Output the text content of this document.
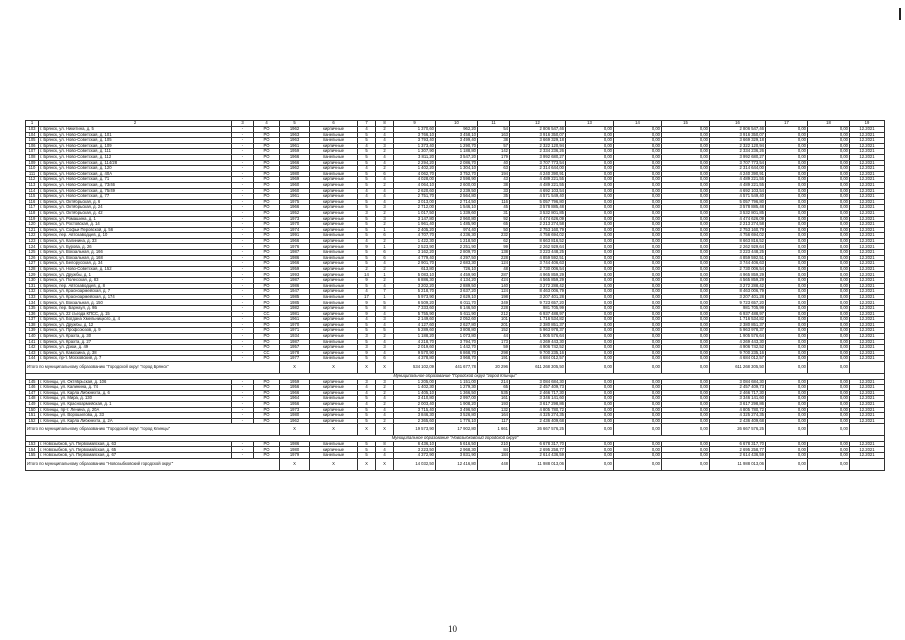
1	2	3	4	5	6	7	8	9	10	11	12	13	14	15	16	17	18	19
103	г. Брянск, ул. Никитина, д. 5	-	РО	1962	кирпичные	4	2	1 370,60	962,20	54	2 806 547,46	0,00	0,00	0,00	2 806 547,46	0,00	0,00	12.2021
104	г. Брянск, ул. Ново-Советская, д. 101	-	РО	1963	панельные	5	4	3 766,10	3 458,10	163	3 916 350,07	0,00	0,00	0,00	3 916 350,07	0,00	0,00	12.2021
105	г. Брянск, ул. Ново-Советская, д. 105	-	РО	1963	панельные	5	4	3 793,40	3 499,40	38	3 669 329,18	0,00	0,00	0,00	3 669 329,18	0,00	0,00	12.2021
106	г. Брянск, ул. Ново-Советская, д. 109	-	РО	1961	кирпичные	4	3	1 373,40	1 290,70	57	2 322 120,94	0,00	0,00	0,00	2 322 120,94	0,00	0,00	12.2021
107	г. Брянск, ул. Ново-Советская, д. 111	-	РО	1959	кирпичные	5	2	1 307,90	1 188,80	142	2 334 236,26	0,00	0,00	0,00	2 334 236,26	0,00	0,00	12.2021
108	г. Брянск, ул. Ново-Советская, д. 112	-	РО	1966	панельные	5	4	3 811,20	3 547,20	179	3 992 680,27	0,00	0,00	0,00	3 992 680,27	0,00	0,00	12.2021
109	г. Брянск, ул. Ново-Советская, д. 114/28	-	РО	1966	кирпичные	5	4	2 294,20	2 086,70	40	3 707 773,54	0,00	0,00	0,00	3 707 773,54	0,00	0,00	12.2021
110	г. Брянск, ул. Ново-Советская, д. 120	-	РО	1962	кирпичные	4	2	1 402,20	1 304,10	63	2 314 644,00	0,00	0,00	0,00	2 314 644,00	0,00	0,00	12.2021
111	г. Брянск, ул. Ново-Советская, д. 40А	-	РО	1980	панельные	5	6	4 062,70	3 752,70	194	4 240 390,91	0,00	0,00	0,00	4 240 390,91	0,00	0,00	12.2021
112	г. Брянск, ул. Ново-Советская, д. 71	-	РО	1969	кирпичные	5	4	4 028,00	2 598,90	43	4 489 221,55	0,00	0,00	0,00	4 489 221,55	0,00	0,00	12.2021
113	г. Брянск, ул. Ново-Советская, д. 73/46	-	РО	1960	кирпичные	5	2	4 064,10	2 600,00	38	4 489 221,55	0,00	0,00	0,00	4 489 221,55	0,00	0,00	12.2021
114	г. Брянск, ул. Ново-Советская, д. 75/49	-	РО	1960	кирпичные	4	4	2 620,60	2 239,50	33	4 692 103,54	0,00	0,00	0,00	4 692 103,54	0,00	0,00	12.2021
115	г. Брянск, ул. Ново-Советская, д. 77	-	РО	1961	кирпичные	4	4	2 751,70	2 564,80	35	4 571 549,40	0,00	0,00	0,00	4 571 549,40	0,00	0,00	12.2021
116	г. Брянск, ул. Октябрьская, д. 6	-	РО	1975	кирпичные	5	4	3 013,00	2 714,50	116	5 057 796,80	0,00	0,00	0,00	5 057 796,80	0,00	0,00	12.2021
117	г. Брянск, ул. Октябрьская, д. 24	-	РО	1966	кирпичные	5	3	2 712,00	1 546,10	45	3 578 885,48	0,00	0,00	0,00	3 578 885,48	0,00	0,00	12.2021
118	г. Брянск, ул. Октябрьская, д. 42	-	РО	1952	кирпичные	3	2	1 017,50	1 339,60	31	3 532 801,85	0,00	0,00	0,00	3 532 801,85	0,00	0,00	12.2021
119	г. Брянск, ул. Ромашина, д. 1	-	РО	1973	кирпичные	5	3	3 147,80	2 960,80	92	4 474 626,09	0,00	0,00	0,00	4 474 626,09	0,00	0,00	12.2021
120	г. Брянск, ул. Ростовская, д. 14	-	РО	1970	кирпичные	5	2	1 961,40	1 485,90	65	2 213 274,58	0,00	0,00	0,00	2 213 274,58	0,00	0,00	12.2021
121	г. Брянск, ул. Софьи Перовской, д. 56	-	РО	1974	кирпичные	5	1	2 405,20	974,40	50	2 753 160,79	0,00	0,00	0,00	2 753 160,79	0,00	0,00	12.2021
122	г. Брянск, пер. Автозаводцев, д. 10	-	РО	1991	панельные	5	6	4 707,70	4 236,30	232	4 756 694,02	0,00	0,00	0,00	4 756 694,02	0,00	0,00	12.2021
123	г. Брянск, ул. Калинина, д. 33	-	РО	1966	кирпичные	4	2	1 422,30	1 218,50	62	8 663 816,52	0,00	0,00	0,00	8 663 816,52	0,00	0,00	12.2021
124	г. Брянск, ул. Бурова, д. 26	-	РО	1976	кирпичные	9	1	2 523,90	2 251,90	99	2 262 929,64	0,00	0,00	0,00	2 262 929,64	0,00	0,00	12.2021
125	г. Брянск, ул. Вокзальная, д. 166	-	РО	1987	панельные	5	6	3 162,20	2 809,70	138	3 223 448,25	0,00	0,00	0,00	3 223 448,25	0,00	0,00	12.2021
126	г. Брянск, ул. Вокзальная, д. 168	-	РО	1986	панельные	5	6	4 779,40	4 297,50	228	4 859 592,51	0,00	0,00	0,00	4 859 592,51	0,00	0,00	12.2021
127	г. Брянск, ул. Белорусская, д. 34	-	РО	1966	кирпичные	5	4	2 901,70	2 683,30	124	3 744 406,63	0,00	0,00	0,00	3 744 406,63	0,00	0,00	12.2021
128	г. Брянск, ул. Ново-Советская, д. 152	-	РО	1959	кирпичные	2	2	613,80	726,10	48	2 730 006,54	0,00	0,00	0,00	2 730 006,54	0,00	0,00	12.2021
129	г. Брянск, ул. Дружбы, д. 1	-	РО	1993	кирпичные	14	1	5 083,10	4 459,90	287	4 965 859,29	0,00	0,00	0,00	4 965 859,29	0,00	0,00	12.2021
130	г. Брянск, ул. Полесская, д. 83	-	РО	1987	кирпичные	9	2	6 886,30	4 134,20	424	4 565 859,29	0,00	0,00	0,00	4 565 859,29	0,00	0,00	12.2021
131	г. Брянск, пер. Автозаводцев, д. 8	-	РО	1986	панельные	5	4	3 202,20	2 889,50	140	3 272 288,42	0,00	0,00	0,00	3 272 288,42	0,00	0,00	12.2021
132	г. Брянск, ул. Красноармейская, д. 7	-	РО	1947	кирпичные	4	7	5 218,70	3 637,20	124	8 463 006,79	0,00	0,00	0,00	8 463 006,79	0,00	0,00	12.2021
133	г. Брянск, ул. Красноармейская, д. 174	-	РО	1985	панельные	17	1	5 973,90	2 629,10	198	3 207 401,28	0,00	0,00	0,00	3 207 401,28	0,00	0,00	12.2021
134	г. Брянск, ул. Вокзальная, д. 150	-	РО	1985	панельные	9	5	6 509,20	6 011,70	349	9 723 657,20	0,00	0,00	0,00	9 723 657,20	0,00	0,00	12.2021
135	г. Брянск, пер. Барнаул, д. 9Б	-	РО	1982	кирпичные	5	8	7 333,60	6 146,50	228	981 705,99	0,00	0,00	0,00	981 705,99	0,00	0,00	12.2021
136	г. Брянск, ул. 22 съезда КПСС, д. 15	-	СС	1981	кирпичные	9	4	5 755,90	5 611,90	212	6 937 488,97	0,00	0,00	0,00	6 937 488,97	0,00	0,00	12.2021
137	г. Брянск, ул. Богдана Хмельницкого, д. 4	-	РО	1961	кирпичные	4	3	2 149,60	2 052,60	101	1 716 534,82	0,00	0,00	0,00	1 716 534,82	0,00	0,00	12.2021
138	г. Брянск, ул. Дружбы, д. 12	-	РО	1970	кирпичные	5	4	4 127,60	2 627,80	201	2 380 851,37	0,00	0,00	0,00	2 380 851,37	0,00	0,00	12.2021
139	г. Брянск, ул. Профсоюзов, д. 9	-	РО	1971	кирпичные	5	5	5 289,60	3 808,80	152	5 963 978,37	0,00	0,00	0,00	5 963 978,37	0,00	0,00	12.2021
140	г. Брянск, ул. Крахта, д. 30	-	РО	1934	кирпичные	3	2	1 188,20	1 073,80	44	1 905 576,64	0,00	0,00	0,00	1 905 576,64	0,00	0,00	12.2021
141	г. Брянск, ул. Крахта, д. 27	-	РО	1987	панельные	5	4	4 218,70	3 794,70	173	4 269 443,30	0,00	0,00	0,00	4 269 443,30	0,00	0,00	12.2021
142	г. Брянск, ул. Дзюи, д. 49	-	РО	1957	кирпичные	3	3	2 019,60	1 442,70	59	4 906 742,52	0,00	0,00	0,00	4 906 742,52	0,00	0,00	12.2021
143	г. Брянск, ул. Камозина, д. 38	-	СС	1978	кирпичные	9	4	9 570,90	6 868,70	298	9 700 235,16	0,00	0,00	0,00	9 700 235,16	0,00	0,00	12.2021
144	г. Брянск, пр-т. Московский, д. 7	-	РО	1977	панельные	5	6	4 378,80	3 968,70	191	4 684 012,57	0,00	0,00	0,00	4 684 012,57	0,00	0,00	12.2021
Итого по муниципальному образованию "Городской округ "город Брянск"				X	X	X	X	534 102,09	441 677,78	20 296	611 268 305,50	0,00	0,00	0,00	611 268 305,50	0,00	0,00	
Муниципальное образование "Городской округ "город Клинцы"																		
145	г. Клинцы, ул. Октябрьская, д. 106	-	РО	1959	кирпичные	3	3	1 205,00	1 151,00	214	3 084 684,30	0,00	0,00	0,00	3 084 684,30	0,00	0,00	12.2021
146	г. Клинцы, ул. Калинина, д. 74	-	РО	1956	кирпичные	4	2	1 402,30	1 279,30	65	2 457 409,73	0,00	0,00	0,00	2 457 409,73	0,00	0,00	12.2021
147	г. Клинцы, ул. Карла Либкнехта, д. 6	-	РО	1966	кирпичные	4	2	1 405,10	1 366,50	535	2 466 717,30	0,00	0,00	0,00	2 466 717,30	0,00	0,00	12.2021
148	г. Клинцы, ул. Мира, д. 130	-	РО	1964	панельные	5	4	3 410,80	2 997,00	161	3 346 141,60	0,00	0,00	0,00	3 346 141,60	0,00	0,00	12.2021
149	г. Клинцы, ул. Красноармейская, д. 1	-	РО	1956	кирпичные	4	2	2 003,40	1 908,20	193	3 617 298,86	0,00	0,00	0,00	3 617 298,86	0,00	0,00	12.2021
150	г. Клинцы, пр-т. Ленина, д. 20А	-	РО	1973	кирпичные	5	4	3 715,40	3 496,50	132	4 805 780,72	0,00	0,00	0,00	4 805 780,72	0,00	0,00	12.2021
151	г. Клинцы, ул. Ворошилова, д. 33	-	РО	1980	кирпичные	5	4	3 846,30	3 526,80	164	4 325 274,35	0,00	0,00	0,00	4 325 274,35	0,00	0,00	12.2021
152	г. Клинцы, ул. Карла Либкнехта, д. 2А	-	РО	1962	кирпичные	5	2	2 365,60	1 776,10	117	2 436 409,68	0,00	0,00	0,00	2 436 409,68	0,00	0,00	12.2021
Итого по муниципальному образованию "Городской округ "город Клинцы"				X	X	X	X	19 573,90	17 902,80	1 661	26 667 576,25	0,00	0,00	0,00	26 667 576,25	0,00	0,00	
Муниципальное образование "Новозыбковский городской округ"																		
153	г. Новозыбков, ул. Первомайская, д. 63	-	РО	1986	панельные	5	8	6 436,10	5 616,50	210	6 678 317,70	0,00	0,00	0,00	6 678 317,70	0,00	0,00	12.2021
154	г. Новозыбков, ул. Первомайская, д. 65	-	РО	1980	кирпичные	5	4	3 223,50	2 968,30	84	2 695 258,77	0,00	0,00	0,00	2 695 258,77	0,00	0,00	12.2021
155	г. Новозыбков, ул. Первомайская, д. 67	-	РО	1979	панельные	5	4	4 372,90	3 831,90	184	2 614 436,59	0,00	0,00	0,00	2 614 436,59	0,00	0,00	12.2021
Итого по муниципальному образованию "Новозыбковский городской округ"				X	X	X	X	14 032,50	12 416,80	448	11 988 013,06	0,00	0,00	0,00	11 988 013,06	0,00	0,00	
10
